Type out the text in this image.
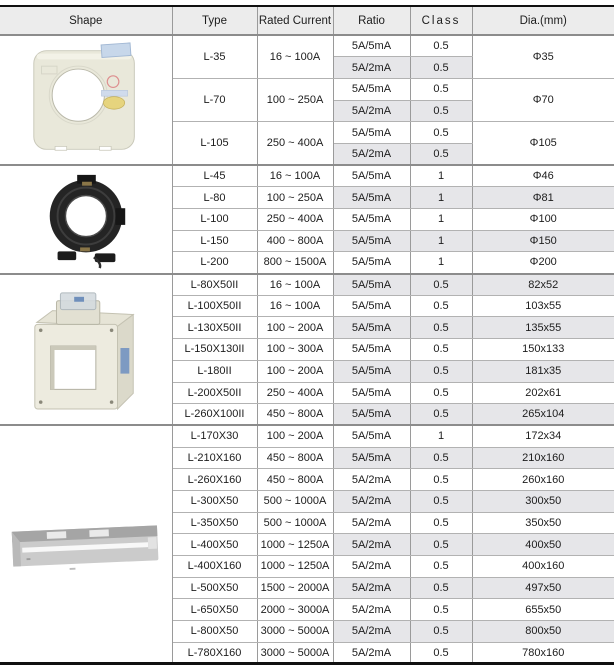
Shape	Type	Rated Current	Ratio	Class	Dia.(mm)
	L-35	16 ~ 100A	5A/5mA	0.5	Φ35
			5A/2mA	0.5	
	L-70	100 ~ 250A	5A/5mA	0.5	Φ70
			5A/2mA	0.5	
	L-105	250 ~ 400A	5A/5mA	0.5	Φ105
			5A/2mA	0.5	
	L-45	16 ~ 100A	5A/5mA	1	Φ46
	L-80	100 ~ 250A	5A/5mA	1	Φ81
	L-100	250 ~ 400A	5A/5mA	1	Φ100
	L-150	400 ~ 800A	5A/5mA	1	Φ150
	L-200	800 ~ 1500A	5A/5mA	1	Φ200
	L-80X50II	16 ~ 100A	5A/5mA	0.5	82x52
	L-100X50II	16 ~ 100A	5A/5mA	0.5	103x55
	L-130X50II	100 ~ 200A	5A/5mA	0.5	135x55
	L-150X130II	100 ~ 300A	5A/5mA	0.5	150x133
	L-180II	100 ~ 200A	5A/5mA	0.5	181x35
	L-200X50II	250 ~ 400A	5A/5mA	0.5	202x61
	L-260X100II	450 ~ 800A	5A/5mA	0.5	265x104
	L-170X30	100 ~ 200A	5A/5mA	1	172x34
	L-210X160	450 ~ 800A	5A/5mA	0.5	210x160
	L-260X160	450 ~ 800A	5A/2mA	0.5	260x160
	L-300X50	500 ~ 1000A	5A/2mA	0.5	300x50
	L-350X50	500 ~ 1000A	5A/2mA	0.5	350x50
	L-400X50	1000 ~ 1250A	5A/2mA	0.5	400x50
	L-400X160	1000 ~ 1250A	5A/2mA	0.5	400x160
	L-500X50	1500 ~ 2000A	5A/2mA	0.5	497x50
	L-650X50	2000 ~ 3000A	5A/2mA	0.5	655x50
	L-800X50	3000 ~ 5000A	5A/2mA	0.5	800x50
	L-780X160	3000 ~ 5000A	5A/2mA	0.5	780x160
